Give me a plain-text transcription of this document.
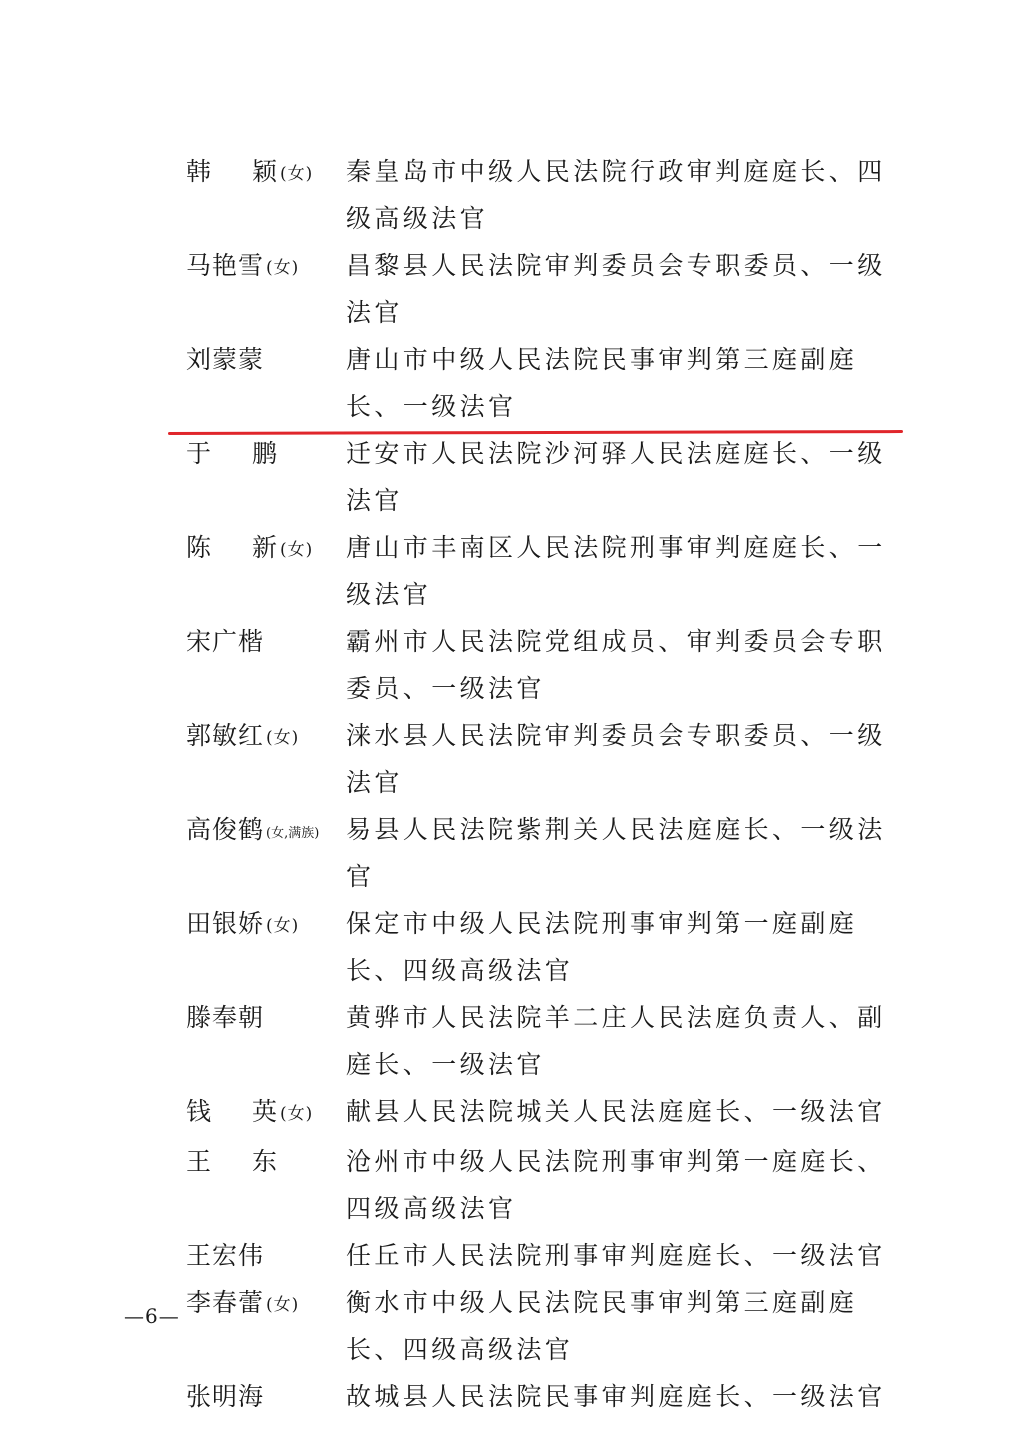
韩 颖 (女)	秦皇岛市中级人民法院行政审判庭庭长、四级高级法官
马艳雪 (女)	昌黎县人民法院审判委员会专职委员、一级法官
刘蒙蒙	唐山市中级人民法院民事审判第三庭副庭长、一级法官
于 鹏	迁安市人民法院沙河驿人民法庭庭长、一级法官
陈 新 (女)	唐山市丰南区人民法院刑事审判庭庭长、一级法官
宋广楷	霸州市人民法院党组成员、审判委员会专职委员、一级法官
郭敏红 (女)	涞水县人民法院审判委员会专职委员、一级法官
高俊鹤 (女,满族)	易县人民法院紫荆关人民法庭庭长、一级法官
田银娇 (女)	保定市中级人民法院刑事审判第一庭副庭长、四级高级法官
滕奉朝	黄骅市人民法院羊二庄人民法庭负责人、副庭长、一级法官
钱 英 (女)	献县人民法院城关人民法庭庭长、一级法官
王 东	沧州市中级人民法院刑事审判第一庭庭长、四级高级法官
王宏伟	任丘市人民法院刑事审判庭庭长、一级法官
李春蕾 (女)	衡水市中级人民法院民事审判第三庭副庭长、四级高级法官
张明海	故城县人民法院民事审判庭庭长、一级法官
—6—
